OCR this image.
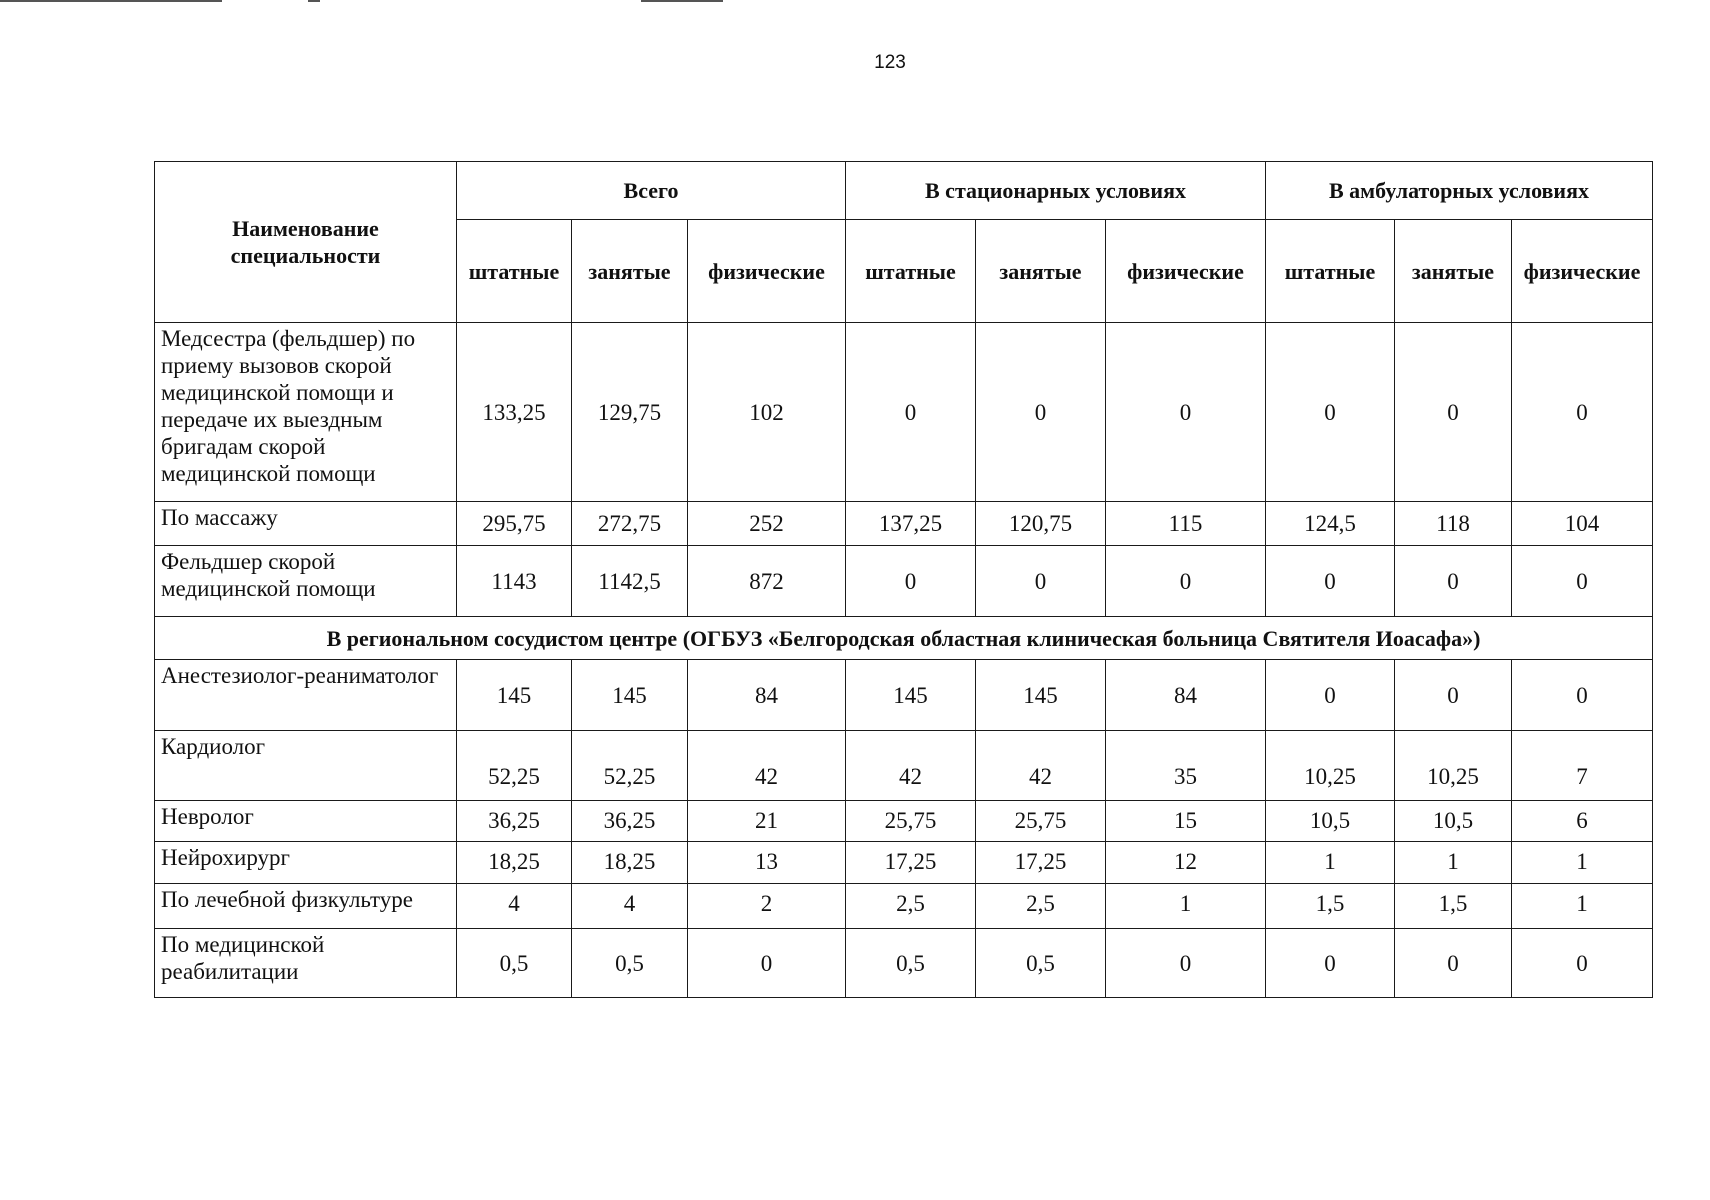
123
Наименование специальности	Всего			В стационарных условиях			В амбулаторных условиях		
	штатные	занятые	физические	штатные	занятые	физические	штатные	занятые	физические
Медсестра (фельдшер) по приему вызовов скорой медицинской помощи и передаче их выездным бригадам скорой медицинской помощи	133,25	129,75	102	0	0	0	0	0	0
По массажу	295,75	272,75	252	137,25	120,75	115	124,5	118	104
Фельдшер скорой медицинской помощи	1143	1142,5	872	0	0	0	0	0	0
В региональном сосудистом центре (ОГБУЗ «Белгородская областная клиническая больница Святителя Иоасафа»)									
Анестезиолог-реаниматолог	145	145	84	145	145	84	0	0	0
Кардиолог	52,25	52,25	42	42	42	35	10,25	10,25	7
Невролог	36,25	36,25	21	25,75	25,75	15	10,5	10,5	6
Нейрохирург	18,25	18,25	13	17,25	17,25	12	1	1	1
По лечебной физкультуре	4	4	2	2,5	2,5	1	1,5	1,5	1
По медицинской реабилитации	0,5	0,5	0	0,5	0,5	0	0	0	0
